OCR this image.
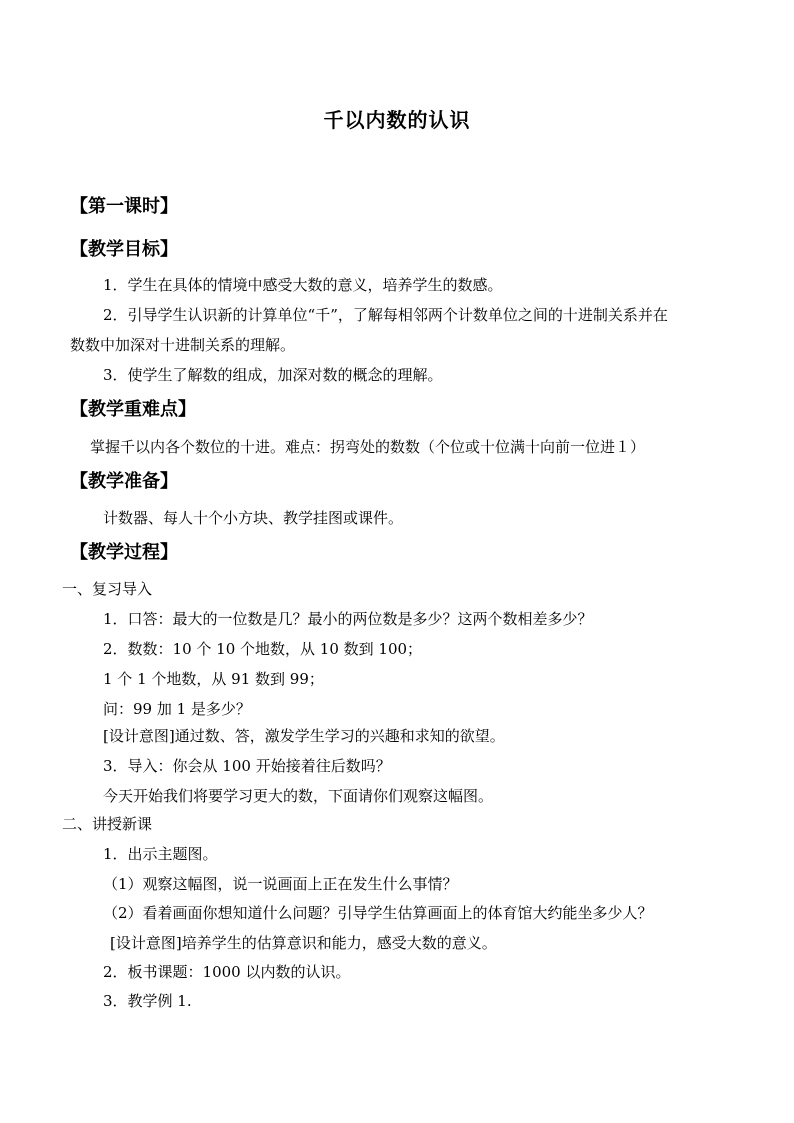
千以内数的认识
【第一课时】
【教学目标】
1．学生在具体的情境中感受大数的意义，培养学生的数感。
2．引导学生认识新的计算单位“千”，了解每相邻两个计数单位之间的十进制关系并在
数数中加深对十进制关系的理解。
3．使学生了解数的组成，加深对数的概念的理解。
【教学重难点】
掌握千以内各个数位的十进。难点：拐弯处的数数（个位或十位满十向前一位进１）
【教学准备】
计数器、每人十个小方块、教学挂图或课件。
【教学过程】
一、复习导入
1．口答：最大的一位数是几？最小的两位数是多少？这两个数相差多少？
2．数数：10 个 10 个地数，从 10 数到 100；
1 个 1 个地数，从 91 数到 99；
问：99 加 1 是多少？
[设计意图]通过数、答，激发学生学习的兴趣和求知的欲望。
3．导入：你会从 100 开始接着往后数吗？
今天开始我们将要学习更大的数，下面请你们观察这幅图。
二、讲授新课
1．出示主题图。
（1）观察这幅图，说一说画面上正在发生什么事情？
（2）看着画面你想知道什么问题？引导学生估算画面上的体育馆大约能坐多少人？
[设计意图]培养学生的估算意识和能力，感受大数的意义。
2．板书课题：1000 以内数的认识。
3．教学例 1.
